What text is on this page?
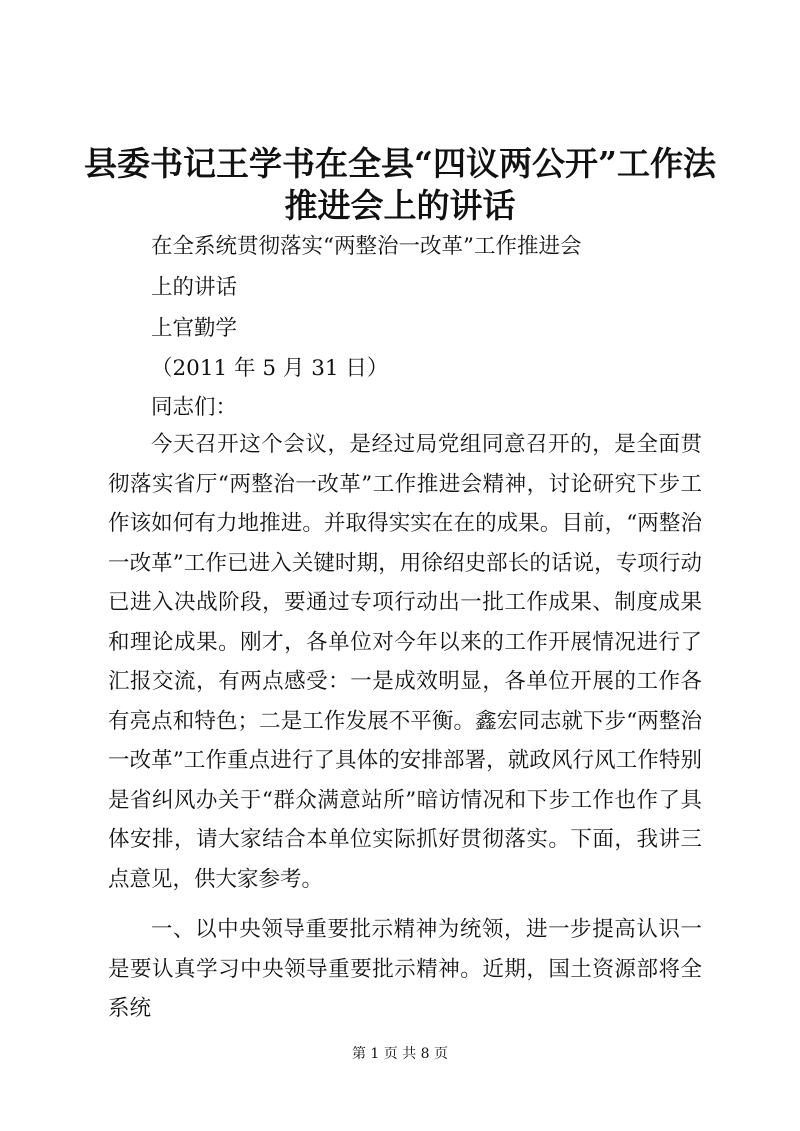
县委书记王学书在全县“四议两公开”工作法
推进会上的讲话
在全系统贯彻落实“两整治一改革”工作推进会
上的讲话
上官勤学
（2011 年 5 月 31 日）
同志们：
今天召开这个会议，是经过局党组同意召开的，是全面贯彻落实省厅“两整治一改革”工作推进会精神，讨论研究下步工作该如何有力地推进。并取得实实在在的成果。目前，“两整治一改革”工作已进入关键时期，用徐绍史部长的话说，专项行动已进入决战阶段，要通过专项行动出一批工作成果、制度成果和理论成果。刚才，各单位对今年以来的工作开展情况进行了汇报交流，有两点感受：一是成效明显，各单位开展的工作各有亮点和特色；二是工作发展不平衡。鑫宏同志就下步“两整治一改革”工作重点进行了具体的安排部署，就政风行风工作特别是省纠风办关于“群众满意站所”暗访情况和下步工作也作了具体安排，请大家结合本单位实际抓好贯彻落实。下面，我讲三点意见，供大家参考。
一、以中央领导重要批示精神为统领，进一步提高认识一是要认真学习中央领导重要批示精神。近期，国土资源部将全系统
第 1 页 共 8 页
